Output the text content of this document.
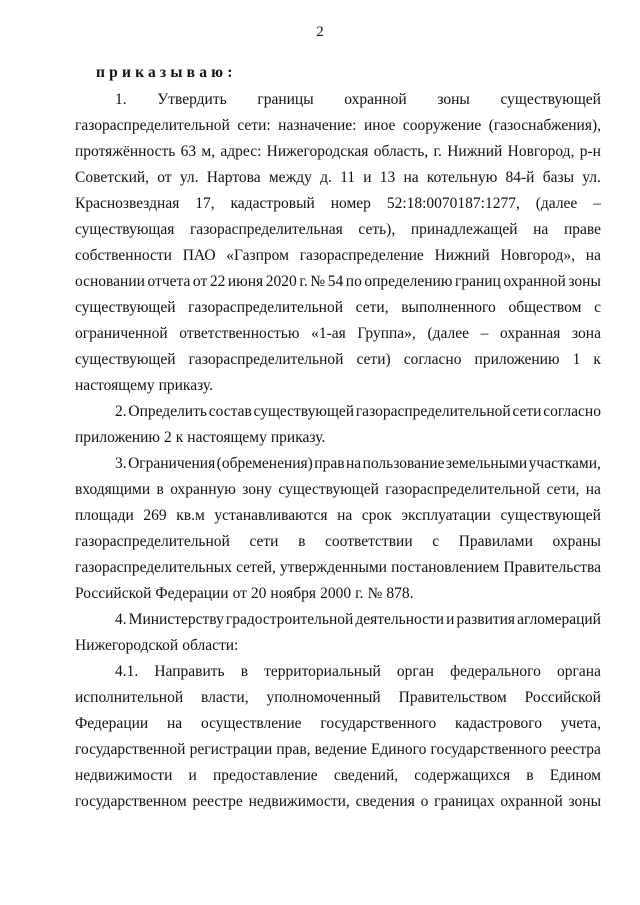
2
приказываю:
1. Утвердить границы охранной зоны существующей
газораспределительной сети: назначение: иное сооружение (газоснабжения),
протяжённость 63 м, адрес: Нижегородская область, г. Нижний Новгород, р-н
Советский, от ул. Нартова между д. 11 и 13 на котельную 84-й базы ул.
Краснозвездная 17, кадастровый номер 52:18:0070187:1277, (далее –
существующая газораспределительная сеть), принадлежащей на праве
собственности ПАО «Газпром газораспределение Нижний Новгород», на
основании отчета от 22 июня 2020 г. № 54 по определению границ охранной зоны
существующей газораспределительной сети, выполненного обществом с
ограниченной ответственностью «1-ая Группа», (далее – охранная зона
существующей газораспределительной сети) согласно приложению 1 к
настоящему приказу.
2. Определить состав существующей газораспределительной сети согласно
приложению 2 к настоящему приказу.
3. Ограничения (обременения) прав на пользование земельными участками,
входящими в охранную зону существующей газораспределительной сети, на
площади 269 кв.м устанавливаются на срок эксплуатации существующей
газораспределительной сети в соответствии с Правилами охраны
газораспределительных сетей, утвержденными постановлением Правительства
Российской Федерации от 20 ноября 2000 г. № 878.
4. Министерству градостроительной деятельности и развития агломераций
Нижегородской области:
4.1. Направить в территориальный орган федерального органа
исполнительной власти, уполномоченный Правительством Российской
Федерации на осуществление государственного кадастрового учета,
государственной регистрации прав, ведение Единого государственного реестра
недвижимости и предоставление сведений, содержащихся в Едином
государственном реестре недвижимости, сведения о границах охранной зоны
